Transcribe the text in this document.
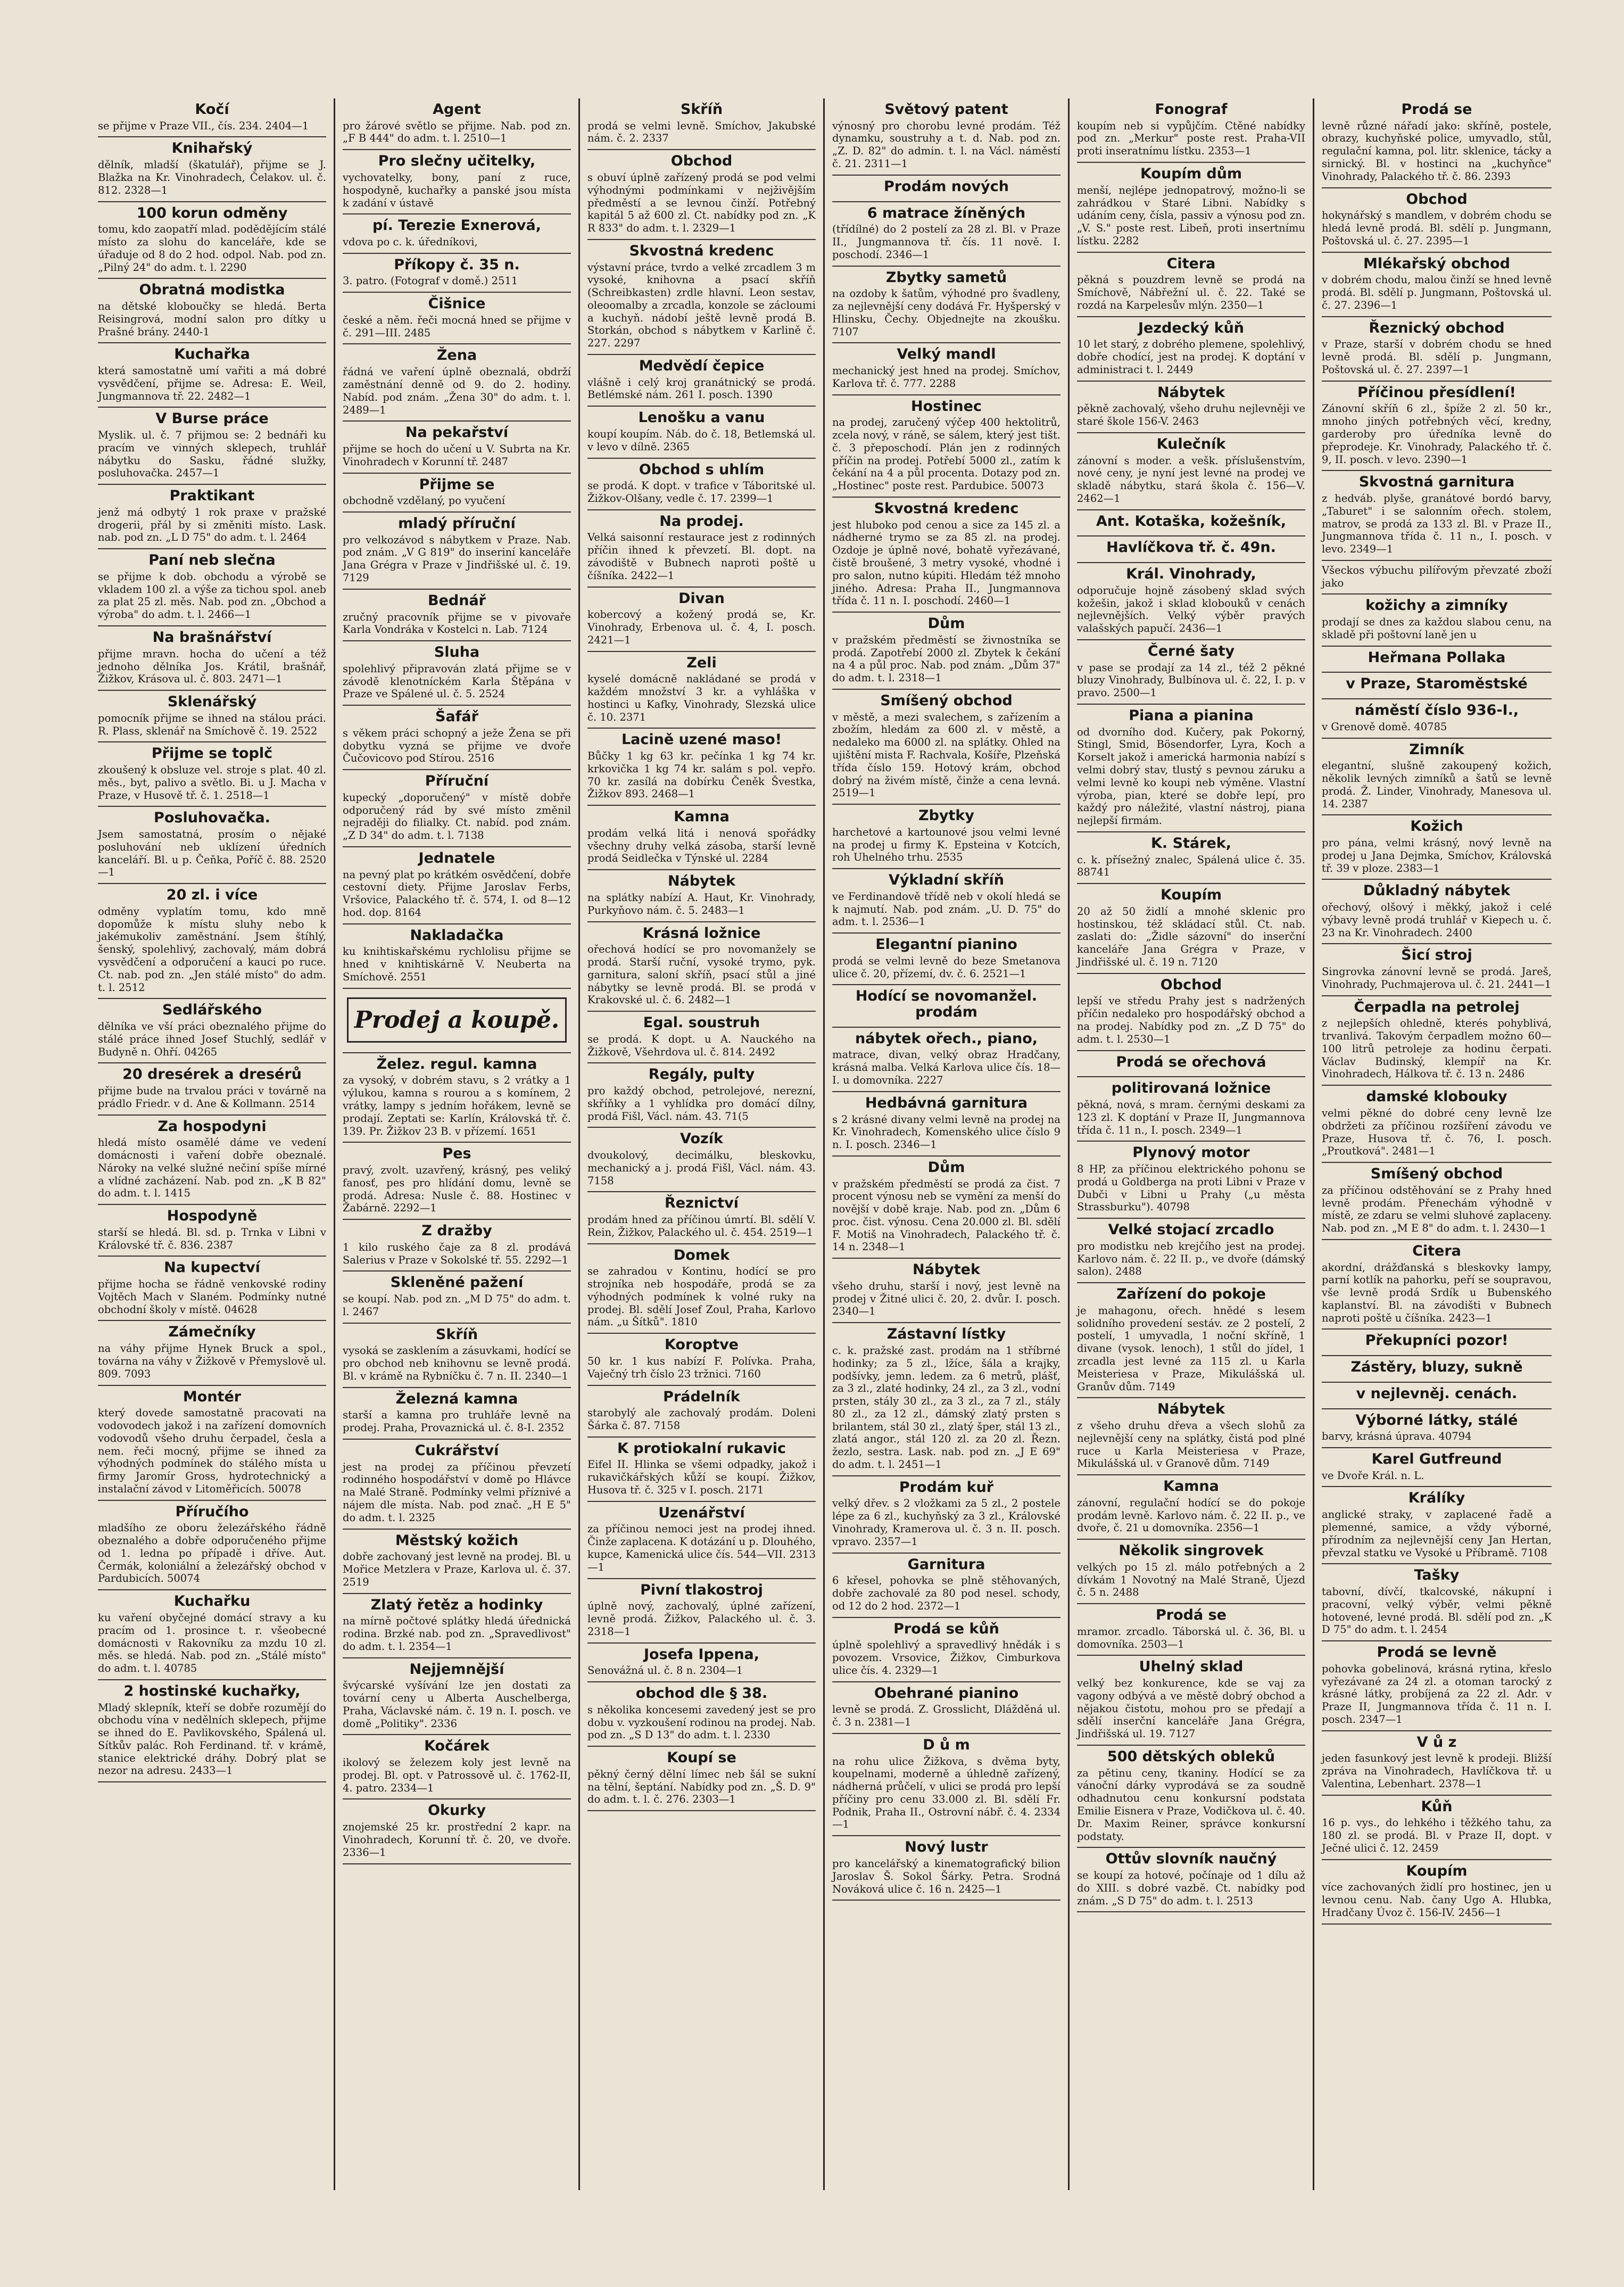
Kočí

se přijme v Praze VII., čís. 234. 2404—1

Knihařský

dělník, mladší (škatulář), přijme se J. Blažka na Kr. Vinohradech, Čelakov. ul. č. 812. 2328—1

100 korun odměny

tomu, kdo zaopatří mlad. podědějícím stálé místo za slohu do kanceláře, kde se úřaduje od 8 do 2 hod. odpol. Nab. pod zn. „Pilný 24" do adm. t. l. 2290

Obratná modistka

na dětské kloboučky se hledá. Berta Reisingrová, modní salon pro dítky u Prašné brány. 2440-1

Kuchařka

která samostatně umí vařiti a má dobré vysvědčení, přijme se. Adresa: E. Weil, Jungmannova tř. 22. 2482—1

V Burse práce

Myslik. ul. č. 7 přijmou se: 2 bednáři ku pracím ve vinných sklepech, truhlář nábytku do Sasku, řádné služky, posluhovačka. 2457—1

Praktikant

jenž má odbytý 1 rok praxe v pražské drogerii, přál by si změniti místo. Lask. nab. pod zn. „L D 75" do adm. t. l. 2464

Paní neb slečna

se přijme k dob. obchodu a výrobě se vkladem 100 zl. a výše za tichou spol. aneb za plat 25 zl. měs. Nab. pod zn. „Obchod a výroba" do adm. t. l. 2466—1

Na brašnářství

přijme mravn. hocha do učení a též jednoho dělníka Jos. Krátil, brašnář, Žižkov, Krásova ul. č. 803. 2471—1

Sklenářský

pomocník přijme se ihned na stálou práci. R. Plass, sklenář na Smíchově č. 19. 2522

Přijme se toplč

zkoušený k obsluze vel. stroje s plat. 40 zl. měs., byt, palivo a světlo. Bi. u J. Macha v Praze, v Husově tř. č. 1. 2518—1

Posluhovačka.

Jsem samostatná, prosím o nějaké posluhování neb uklízení úředních kanceláří. Bl. u p. Čeňka, Poříč č. 88. 2520—1

20 zl. i více

odměny vyplatím tomu, kdo mně dopomůže k místu sluhy nebo k jakémukoliv zaměstnání. Jsem štíhlý, šenský, spolehlivý, zachovalý, mám dobrá vysvědčení a odporučení a kauci po ruce. Ct. nab. pod zn. „Jen stálé místo" do adm. t. l. 2512

Sedlářského

dělníka ve vší práci obeznalého přijme do stálé práce ihned Josef Stuchlý, sedlář v Budyně n. Ohří. 04265

20 dresérek a dresérů

přijme bude na trvalou práci v továrně na prádlo Friedr. v d. Ane & Kollmann. 2514

Za hospodyni

hledá místo osamělé dáme ve vedení domácnosti i vaření dobře obeznalé. Nároky na velké služné nečiní spíše mírné a vlídné zacházení. Nab. pod zn. „K B 82" do adm. t. l. 1415

Hospodyně

starší se hledá. Bl. sd. p. Trnka v Libni v Královské tř. č. 836. 2387

Na kupectví

přijme hocha se řádně venkovské rodiny Vojtěch Mach v Slaném. Podmínky nutné obchodní školy v místě. 04628

Zámečníky

na váhy přijme Hynek Bruck a spol., továrna na váhy v Žižkově v Přemyslově ul. 809. 7093

Montér

který dovede samostatně pracovati na vodovodech jakož i na zařízení domovních vodovodů všeho druhu čerpadel, česla a nem. řeči mocný, přijme se ihned za výhodných podmínek do stálého místa u firmy Jaromír Gross, hydrotechnický a instalační závod v Litoměřicích. 50078

Příručího

mladšího ze oboru železářského řádně obeznalého a dobře odporučeného přijme od 1. ledna po případě i dříve. Aut. Čermák, koloniální a železářský obchod v Pardubicích. 50074

Kuchařku

ku vaření obyčejné domácí stravy a ku pracím od 1. prosince t. r. všeobecné domácnosti v Rakovníku za mzdu 10 zl. měs. se hledá. Nab. pod zn. „Stálé místo" do adm. t. l. 40785

2 hostinské kuchařky,

Mladý sklepník, kteří se dobře rozumějí do obchodu vína v nedělních sklepech, přijme se ihned do E. Pavlikovského, Spálená ul. Sítkův palác. Roh Ferdinand. tř. v krámě, stanice elektrické dráhy. Dobrý plat se nezor na adresu. 2433—1

Agent

pro žárové světlo se přijme. Nab. pod zn. „F B 444" do adm. t. l. 2510—1

Pro slečny učitelky,

vychovatelky, bony, paní z ruce, hospodyně, kuchařky a panské jsou místa k zadání v ústavě

pí. Terezie Exnerová,

vdova po c. k. úředníkovi,

Příkopy č. 35 n.

3. patro. (Fotograf v domě.) 2511

Čišnice

české a něm. řeči mocná hned se přijme v č. 291—III. 2485

Žena

řádná ve vaření úplně obeznalá, obdrží zaměstnání denně od 9. do 2. hodiny. Nabíd. pod znám. „Žena 30" do adm. t. l. 2489—1

Na pekařství

přijme se hoch do učení u V. Subrta na Kr. Vinohradech v Korunní tř. 2487

Přijme se

obchodně vzdělaný, po vyučení

mladý příruční

pro velkozávod s nábytkem v Praze. Nab. pod znám. „V G 819" do inseriní kanceláře Jana Grégra v Praze v Jindřišské ul. č. 19. 7129

Bednář

zručný pracovník přijme se v pivovaře Karla Vondráka v Kostelci n. Lab. 7124

Sluha

spolehlivý připravován zlatá přijme se v závodě klenotníckém Karla Štěpána v Praze ve Spálené ul. č. 5. 2524

Šafář

s věkem práci schopný a ježe Žena se při dobytku vyzná se přijme ve dvoře Čučovicovo pod Stírou. 2516

Příruční

kupecký „doporučený" v místě dobře odporučený rád by své místo změnil nejraději do filialky. Ct. nabíd. pod znám. „Z D 34" do adm. t. l. 7138

Jednatele

na pevný plat po krátkém osvědčení, dobře cestovní diety. Přijme Jaroslav Ferbs, Vršovice, Palackého tř. č. 574, I. od 8—12 hod. dop. 8164

Nakladačka

ku knihtiskařskému rychlolisu přijme se hned v knihtiskárně V. Neuberta na Smíchově. 2551

Prodej a koupě.
Želez. regul. kamna

za vysoký, v dobrém stavu, s 2 vrátky a 1 výlukou, kamna s rourou a s komínem, 2 vrátky, lampy s jedním hořákem, levně se prodají. Zeptati se: Karlín, Královská tř. č. 139. Pr. Žižkov 23 B. v přízemí. 1651

Pes

pravý, zvolt. uzavřený, krásný, pes veliký fanosť, pes pro hlídání domu, levně se prodá. Adresa: Nusle č. 88. Hostinec v Žabárně. 2292—1

Z dražby

1 kilo ruského čaje za 8 zl. prodává Salerius v Praze v Sokolské tř. 55. 2292—1

Skleněné pažení

se koupí. Nab. pod zn. „M D 75" do adm. t. l. 2467

Skříň

vysoká se zasklením a zásuvkami, hodící se pro obchod neb knihovnu se levně prodá. Bl. v krámě na Rybníčku č. 7 n. II. 2340—1

Železná kamna

starší a kamna pro truhláře levně na prodej. Praha, Provaznická ul. č. 8-I. 2352

Cukrářství

jest na prodej za příčinou převzetí rodinného hospodářství v domě po Hlávce na Malé Straně. Podmínky velmi příznivé a nájem dle místa. Nab. pod znač. „H E 5" do adm. t. l. 2325

Městský kožich

dobře zachovaný jest levně na prodej. Bl. u Mořice Metzlera v Praze, Karlova ul. č. 37. 2519

Zlatý řetěz a hodinky

na mírně počtové splátky hledá úřednická rodina. Brzké nab. pod zn. „Spravedlivost" do adm. t. l. 2354—1

Nejjemnější

švýcarské vyšívání lze jen dostati za tovární ceny u Alberta Auschelberga, Praha, Václavské nám. č. 19 n. I. posch. ve domě „Politiky". 2336

Kočárek

ikolový se železem koly jest levně na prodej. Bl. opt. v Patrossově ul. č. 1762-II, 4. patro. 2334—1

Okurky

znojemské 25 kr. prostřední 2 kapr. na Vinohradech, Korunní tř. č. 20, ve dvoře. 2336—1

Skříň

prodá se velmi levně. Smíchov, Jakubské nám. č. 2. 2337

Obchod

s obuví úplně zařízený prodá se pod velmi výhodnými podmínkami v nejživějším předměstí a se levnou činží. Potřebný kapitál 5 až 600 zl. Ct. nabídky pod zn. „K R 833" do adm. t. l. 2329—1

Skvostná kredenc

výstavní práce, tvrdo a velké zrcadlem 3 m vysoké, knihovna a psací skříň (Schreibkasten) zrdle hlavní. Leon sestav, oleoomalby a zrcadla, konzole se zácloumi a kuchyň. nádobí ještě levně prodá B. Storkán, obchod s nábytkem v Karlině č. 227. 2297

Medvědí čepice

vlášně i celý kroj granátnický se prodá. Betlémské nám. 261 I. posch. 1390

Lenošku a vanu

koupí koupím. Náb. do č. 18, Betlemská ul. v levo v dílně. 2365

Obchod s uhlím

se prodá. K dopt. v trafice v Táboritské ul. Žižkov-Olšany, vedle č. 17. 2399—1

Na prodej.

Velká saisonní restaurace jest z rodinných příčin ihned k převzetí. Bl. dopt. na závodiště v Bubnech naproti poště u číšníka. 2422—1

Divan

kobercový a kožený prodá se, Kr. Vinohrady, Erbenova ul. č. 4, I. posch. 2421—1

Zeli

kyselé domácně nakládané se prodá v každém množství 3 kr. a vyhláška v hostinci u Kafky, Vinohrady, Slezská ulice č. 10. 2371

Lacině uzené maso!

Bůčky 1 kg 63 kr. pečínka 1 kg 74 kr. krkovička 1 kg 74 kr. salám s pol. vepřo. 70 kr. zasílá na dobírku Čeněk Švestka, Žižkov 893. 2468—1

Kamna

prodám velká litá i nenová spořádky všechny druhy velká zásoba, starší levně prodá Seidlečka v Týnské ul. 2284

Nábytek

na splátky nabízí A. Haut, Kr. Vinohrady, Purkyňovo nám. č. 5. 2483—1

Krásná ložnice

ořechová hodící se pro novomanžely se prodá. Starší ruční, vysoké trymo, pyk. garnitura, saloní skříň, psací stůl a jiné nábytky se levně prodá. Bl. se prodá v Krakovské ul. č. 6. 2482—1

Egal. soustruh

se prodá. K dopt. u A. Nauckého na Žižkově, Všehrdova ul. č. 814. 2492

Regály, pulty

pro každý obchod, petrolejové, nerezní, skříňky a 1 vyhlídka pro domácí dílny, prodá Fišl, Václ. nám. 43. 71(5

Vozík

dvoukolový, decimálku, bleskovku, mechanický a j. prodá Fišl, Václ. nám. 43. 7158

Řeznictví

prodám hned za příčinou úmrtí. Bl. sdělí V. Rein, Žižkov, Palackého ul. č. 454. 2519—1

Domek

se zahradou v Kontinu, hodící se pro strojníka neb hospodáře, prodá se za výhodných podmínek k volné ruky na prodej. Bl. sdělí Josef Zoul, Praha, Karlovo nám. „u Šítků". 1810

Koroptve

50 kr. 1 kus nabízí F. Polívka. Praha, Vaječný trh číslo 23 tržnici. 7160

Prádelník

starobylý ale zachovalý prodám. Doleni Šárka č. 87. 7158

K protiokalní rukavic

Eifel II. Hlinka se všemi odpadky, jakož i rukavičkářských kůží se koupí. Žižkov, Husova tř. č. 325 v I. posch. 2171

Uzenářství

za příčinou nemoci jest na prodej ihned. Činže zaplacena. K dotázání u p. Dlouhého, kupce, Kamenická ulice čís. 544—VII. 2313—1

Pivní tlakostroj

úplně nový, zachovalý, úplné zařízení, levně prodá. Žižkov, Palackého ul. č. 3. 2318—1

Josefa Ippena,

Senovážná ul. č. 8 n. 2304—1

obchod dle § 38.

s několika koncesemi zavedený jest se pro dobu v. vyzkoušení rodinou na prodej. Nab. pod zn. „S D 13" do adm. t. l. 2330

Koupí se

pěkný černý dělní límec neb šál se sukní na tělní, šeptání. Nabídky pod zn. „Š. D. 9" do adm. t. l. č. 276. 2303—1

Světový patent

výnosný pro chorobu levné prodám. Též dynamku, soustruhy a t. d. Nab. pod zn. „Z. D. 82" do admin. t. l. na Václ. náměstí č. 21. 2311—1

Prodám nových
6 matrace žíněných

(třídílné) do 2 postelí za 28 zl. Bl. v Praze II., Jungmannova tř. čís. 11 nově. I. poschodí. 2346—1

Zbytky sametů

na ozdoby k šatům, výhodné pro švadleny, za nejlevnější ceny dodává Fr. Hyšperský v Hlinsku, Čechy. Objednejte na zkoušku. 7107

Velký mandl

mechanický jest hned na prodej. Smíchov, Karlova tř. č. 777. 2288

Hostinec

na prodej, zaručený výčep 400 hektolitrů, zcela nový, v ráně, se sálem, který jest tišt. č. 3 přeposchodí. Plán jen z rodinných příčin na prodej. Potřebí 5000 zl., zatím k čekání na 4 a půl procenta. Dotazy pod zn. „Hostinec" poste rest. Pardubice. 50073

Skvostná kredenc

jest hluboko pod cenou a sice za 145 zl. a nádherné trymo se za 85 zl. na prodej. Ozdoje je úplně nové, bohatě vyřezávané, čistě broušené, 3 metry vysoké, vhodné i pro salon, nutno kúpiti. Hledám též mnoho jiného. Adresa: Praha II., Jungmannova třída č. 11 n. I. poschodí. 2460—1

Dům

v pražském předměstí se živnostníka se prodá. Zapotřebí 2000 zl. Zbytek k čekání na 4 a půl proc. Nab. pod znám. „Dům 37" do adm. t. l. 2318—1

Smíšený obchod

v městě, a mezi svalechem, s zařízením a zbožím, hledám za 600 zl. v městě, a nedaleko ma 6000 zl. na splátky. Ohled na ujištění mista F. Rachvala, Košíře, Plzeňská třída číslo 159. Hotový krám, obchod dobrý na živém místě, činže a cena levná. 2519—1

Zbytky

harchetové a kartounové jsou velmi levné na prodej u firmy K. Epsteina v Kotcích, roh Uhelného trhu. 2535

Výkladní skříň

ve Ferdinandově třídě neb v okolí hledá se k najmutí. Nab. pod znám. „U. D. 75" do adm. t. l. 2536—1

Elegantní pianino

prodá se velmi levně do beze Smetanova ulice č. 20, přízemí, dv. č. 6. 2521—1

Hodící se novomanžel. prodám
nábytek ořech., piano,

matrace, divan, velký obraz Hradčany, krásná malba. Velká Karlova ulice čís. 18—I. u domovníka. 2227

Hedbávná garnitura

s 2 krásné divany velmi levně na prodej na Kr. Vinohradech, Komenského ulice číslo 9 n. I. posch. 2346—1

Dům

v pražském předměstí se prodá za čist. 7 procent výnosu neb se vymění za menší do novější v době kraje. Nab. pod zn. „Dům 6 proc. čist. výnosu. Cena 20.000 zl. Bl. sdělí F. Motiš na Vinohradech, Palackého tř. č. 14 n. 2348—1

Nábytek

všeho druhu, starší i nový, jest levně na prodej v Žitné ulici č. 20, 2. dvůr. I. posch. 2340—1

Zástavní lístky

c. k. pražské zast. prodám na 1 stříbrné hodinky; za 5 zl., lžíce, šála a krajky, podšívky, jemn. ledem. za 6 metrů, plášť, za 3 zl., zlaté hodinky, 24 zl., za 3 zl., vodní prsten, stály 30 zl., za 3 zl., za 7 zl., stály 80 zl., za 12 zl., dámský zlatý prsten s brilantem, stál 30 zl., zlatý šper, stál 13 zl., zlatá angor., stál 120 zl. za 20 zl. Řezn. žezlo, sestra. Lask. nab. pod zn. „J E 69" do adm. t. l. 2451—1

Prodám kuř

velký dřev. s 2 vložkami za 5 zl., 2 postele lépe za 6 zl., kuchyňský za 3 zl., Královské Vinohrady, Kramerova ul. č. 3 n. II. posch. vpravo. 2357—1

Garnitura

6 křesel, pohovka se plně stěhovaných, dobře zachovalé za 80 pod nesel. schody, od 12 do 2 hod. 2372—1

Prodá se kůň

úplně spolehlivý a spravedlivý hnědák i s povozem. Vrsovice, Žižkov, Cimburkova ulice čís. 4. 2329—1

Obehrané pianino

levně se prodá. Z. Grosslicht, Dlážděná ul. č. 3 n. 2381—1

D ů m

na rohu ulice Žižkova, s dvěma byty, koupelnami, moderně a úhledně zařízený, nádherná průčelí, v ulici se prodá pro lepší příčiny pro cenu 33.000 zl. Bl. sdělí Fr. Podnik, Praha II., Ostrovní nábř. č. 4. 2334—1

Nový lustr

pro kancelářský a kinematografický bilion Jaroslav Š. Sokol Šárky. Petra. Srodná Nováková ulice č. 16 n. 2425—1

Fonograf

koupím neb si vypůjčím. Ctěné nabídky pod zn. „Merkur" poste rest. Praha-VII proti inseratnímu lístku. 2353—1

Koupím dům

menší, nejlépe jednopatrový, možno-li se zahrádkou v Staré Libni. Nabídky s udáním ceny, čísla, passiv a výnosu pod zn. „V. S." poste rest. Libeň, proti insertnímu lístku. 2282

Citera

pěkná s pouzdrem levně se prodá na Smíchově, Nábřežní ul. č. 22. Také se rozdá na Karpelesův mlýn. 2350—1

Jezdecký kůň

10 let starý, z dobrého plemene, spolehlivý, dobře chodící, jest na prodej. K doptání v administraci t. l. 2449

Nábytek

pěkně zachovalý, všeho druhu nejlevněji ve staré škole 156-V. 2463

Kulečník

zánovní s moder. a vešk. příslušenstvím, nové ceny, je nyní jest levné na prodej ve skladě nábytku, stará škola č. 156—V. 2462—1

Ant. Kotaška, kožešník,
Havlíčkova tř. č. 49n.
Král. Vinohrady,

odporučuje hojně zásobený sklad svých kožešin, jakož i sklad klobouků v cenách nejlevnějších. Velký výběr pravých valašských papučí. 2436—1

Černé šaty

v pase se prodají za 14 zl., též 2 pěkné bluzy Vinohrady, Bulbínova ul. č. 22, I. p. v pravo. 2500—1

Piana a pianina

od dvorního dod. Kučery, pak Pokorný, Stingl, Smid, Bösendorfer, Lyra, Koch a Korselt jakož i americká harmonia nabízí s velmi dobrý stav, tlustý s pevnou záruku a velmi levně ko koupi neb výměne. Vlastní výroba, pian, které se dobře lepí, pro každý pro náležité, vlastní nástroj, piana nejlepší firmám.

K. Stárek,

c. k. přísežný znalec, Spálená ulice č. 35. 88741

Koupím

20 až 50 židlí a mnohé sklenic pro hostinskou, též skládací stůl. Ct. nab. zaslati do: „Židle sázovní" do inserční kanceláře Jana Grégra v Praze, v Jindřišské ul. č. 19 n. 7120

Obchod

lepší ve středu Prahy jest s nadržených příčin nedaleko pro hospodářský obchod a na prodej. Nabídky pod zn. „Z D 75" do adm. t. l. 2530—1

Prodá se ořechová
politirovaná ložnice

pěkná, nová, s mram. černými deskami za 123 zl. K doptání v Praze II, Jungmannova třída č. 11 n., I. posch. 2349—1

Plynový motor

8 HP, za příčinou elektrického pohonu se prodá u Goldberga na proti Libni v Praze v Dubči v Libni u Prahy („u města Strassburku"). 40798

Velké stojací zrcadlo

pro modistku neb krejčího jest na prodej. Karlovo nám. č. 22 II. p., ve dvoře (dámský salon). 2488

Zařízení do pokoje

je mahagonu, ořech. hnědé s lesem solidního provedení sestáv. ze 2 postelí, 2 postelí, 1 umyvadla, 1 noční skříně, 1 divane (vysok. lenoch), 1 stůl do jídel, 1 zrcadla jest levné za 115 zl. u Karla Meisteriesa v Praze, Mikulášská ul. Granův dům. 7149

Nábytek

z všeho druhu dřeva a všech slohů za nejlevnější ceny na splátky, čistá pod plné ruce u Karla Meisteriesa v Praze, Mikulášská ul. v Granově dům. 7149

Kamna

zánovní, regulační hodící se do pokoje prodám levně. Karlovo nám. č. 22 II. p., ve dvoře, č. 21 u domovníka. 2356—1

Několik singrovek

velkých po 15 zl. málo potřebných a 2 dívkám 1 Novotný na Malé Straně, Újezd č. 5 n. 2488

Prodá se

mramor. zrcadlo. Táborská ul. č. 36, Bl. u domovníka. 2503—1

Uhelný sklad

velký bez konkurence, kde se vaj za vagony odbývá a ve městě dobrý obchod a nějakou čistotu, mohou pro se předají a sdělí inserční kanceláře Jana Grégra, Jindřišská ul. 19. 7127

500 dětských obleků

za pětinu ceny, tkaniny. Hodící se za vánoční dárky vyprodává se za soudně odhadnutou cenu konkursní podstata Emilie Eisnera v Praze, Vodičkova ul. č. 40. Dr. Maxim Reiner, správce konkursní podstaty.

Ottův slovník naučný

se koupí za hotové, počínaje od 1 dílu až do XIII. s dobré vazbě. Ct. nabídky pod znám. „S D 75" do adm. t. l. 2513

Prodá se

levně různé nářadí jako: skříně, postele, obrazy, kuchyňské police, umyvadlo, stůl, regulační kamna, pol. litr. sklenice, tácky a sirnický. Bl. v hostinci na „kuchyňce" Vinohrady, Palackého tř. č. 86. 2393

Obchod

hokynářský s mandlem, v dobrém chodu se hledá levně prodá. Bl. sdělí p. Jungmann, Poštovská ul. č. 27. 2395—1

Mlékařský obchod

v dobrém chodu, malou činží se hned levně prodá. Bl. sdělí p. Jungmann, Poštovská ul. č. 27. 2396—1

Řeznický obchod

v Praze, starší v dobrém chodu se hned levně prodá. Bl. sdělí p. Jungmann, Poštovská ul. č. 27. 2397—1

Příčinou přesídlení!

Zánovní skříň 6 zl., špíže 2 zl. 50 kr., mnoho jiných potřebných věcí, kredny, garderoby pro úředníka levně do přeprodeje. Kr. Vinohrady, Palackého tř. č. 9, II. posch. v levo. 2390—1

Skvostná garnitura

z hedváb. plyše, granátové bordó barvy, „Taburet" i se salonním ořech. stolem, matrov, se prodá za 133 zl. Bl. v Praze II., Jungmannova třída č. 11 n., I. posch. v levo. 2349—1

Všeckos výbuchu pilířovým převzaté zboží jako

kožichy a zimníky

prodají se dnes za každou slabou cenu, na skladě při poštovní laně jen u

Heřmana Pollaka
v Praze, Staroměstské
náměstí číslo 936-I.,

v Grenově domě. 40785

Zimník

elegantní, slušně zakoupený kožich, několik levných zimníků a šatů se levně prodá. Ž. Linder, Vinohrady, Manesova ul. 14. 2387

Kožich

pro pána, velmi krásný, nový levně na prodej u Jana Dejmka, Smíchov, Královská tř. 39 v ploze. 2383—1

Důkladný nábytek

ořechový, olšový i měkký, jakož i celé výbavy levně prodá truhlář v Kiepech u. č. 23 na Kr. Vinohradech. 2400

Šicí stroj

Singrovka zánovní levně se prodá. Jareš, Vinohrady, Puchmajerova ul. č. 21. 2441—1

Čerpadla na petrolej

z nejlepších ohledně, kterés pohyblivá, trvanlivá. Takovým čerpadlem možno 60—100 litrů petroleje za hodinu čerpati. Václav Budinský, klempíř na Kr. Vinohradech, Hálkova tř. č. 13 n. 2486

damské klobouky

velmi pěkné do dobré ceny levně lze obdržeti za příčinou rozšíření závodu ve Praze, Husova tř. č. 76, I. posch. „Proutková". 2481—1

Smíšený obchod

za příčinou odstěhování se z Prahy hned levně prodám. Přenechám výhodně v místě, ze zdaru se velmi sluhové zaplaceny. Nab. pod zn. „M E 8" do adm. t. l. 2430—1

Citera

akordní, drážďanská s bleskovky lampy, parní kotlík na pahorku, peří se soupravou, vše levně prodá Srdík u Bubenského kaplanství. Bl. na závodišti v Bubnech naproti poště u číšníka. 2423—1

Překupníci pozor!
Zástěry, bluzy, sukně
v nejlevněj. cenách.
Výborné látky, stálé

barvy, krásná úprava. 40794

Karel Gutfreund

ve Dvoře Král. n. L.

Králíky

anglické straky, v zaplacené řadě a plemenné, samice, a vždy výborné, přírodním za nejlevnější ceny Jan Hertan, převzal statku ve Vysoké u Příbramě. 7108

Tašky

tabovní, dívčí, tkalcovské, nákupní i pracovní, velký výběr, velmi pěkně hotovené, levné prodá. Bl. sdělí pod zn. „K D 75" do adm. t. l. 2454

Prodá se levně

pohovka gobelinová, krásná rytina, křeslo vyřezávané za 24 zl. a otoman tarocký z krásné látky, probíjená za 22 zl. Adr. v Praze II, Jungmannova třída č. 11 n. I. posch. 2347—1

V ů z

jeden fasunkový jest levně k prodeji. Bližší zpráva na Vinohradech, Havlíčkova tř. u Valentina, Lebenhart. 2378—1

Kůň

16 p. vys., do lehkého i těžkého tahu, za 180 zl. se prodá. Bl. v Praze II, dopt. v Ječné ulici č. 12. 2459

Koupím

více zachovaných židlí pro hostinec, jen u levnou cenu. Nab. čany Ugo A. Hlubka, Hradčany Úvoz č. 156-IV. 2456—1
